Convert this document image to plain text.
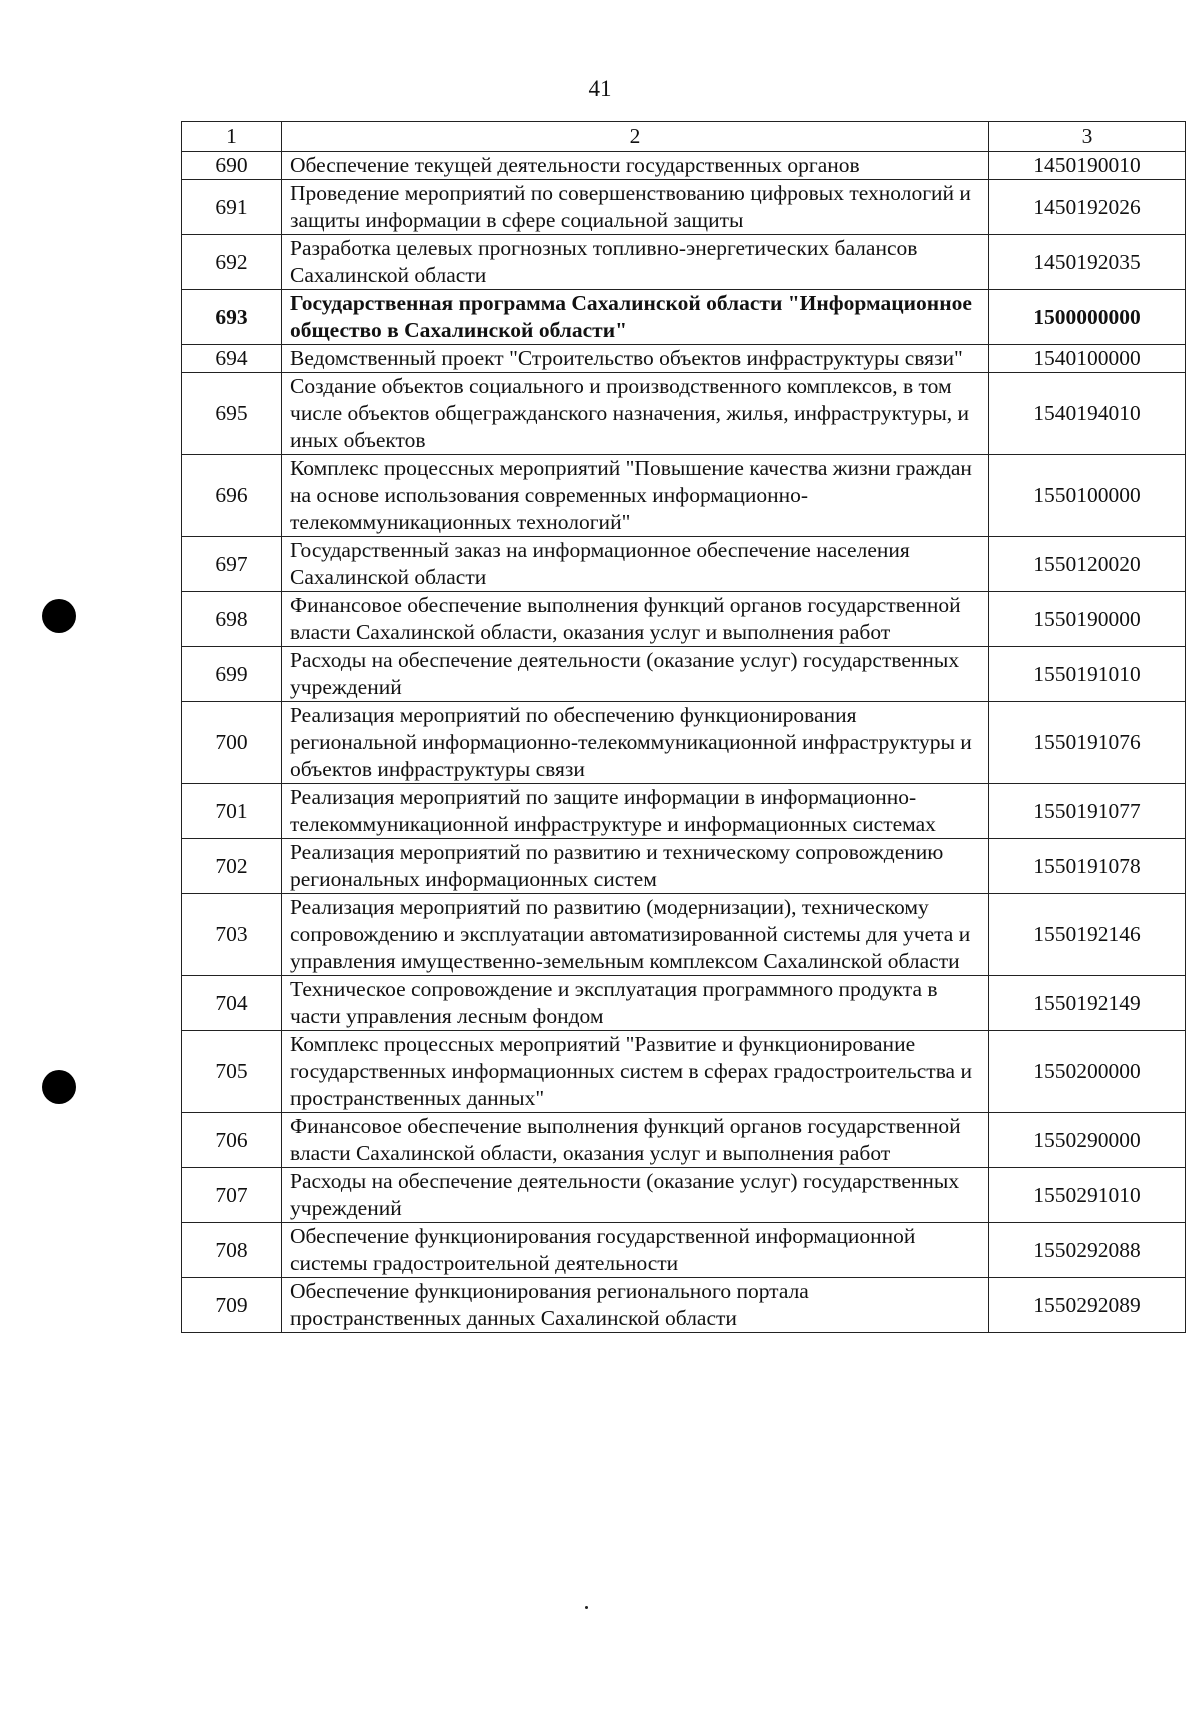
41
1	2	3
690	Обеспечение текущей деятельности государственных органов	1450190010
691	Проведение мероприятий по совершенствованию цифровых технологий и защиты информации в сфере социальной защиты	1450192026
692	Разработка целевых прогнозных топливно-энергетических балансов Сахалинской области	1450192035
693	Государственная программа Сахалинской области "Информационное общество в Сахалинской области"	1500000000
694	Ведомственный проект "Строительство объектов инфраструктуры связи"	1540100000
695	Создание объектов социального и производственного комплексов, в том числе объектов общегражданского назначения, жилья, инфраструктуры, и иных объектов	1540194010
696	Комплекс процессных мероприятий "Повышение качества жизни граждан на основе использования современных информационно-телекоммуникационных технологий"	1550100000
697	Государственный заказ на информационное обеспечение населения Сахалинской области	1550120020
698	Финансовое обеспечение выполнения функций органов государственной власти Сахалинской области, оказания услуг и выполнения работ	1550190000
699	Расходы на обеспечение деятельности (оказание услуг) государственных учреждений	1550191010
700	Реализация мероприятий по обеспечению функционирования региональной информационно-телекоммуникационной инфраструктуры и объектов инфраструктуры связи	1550191076
701	Реализация мероприятий по защите информации в информационно-телекоммуникационной инфраструктуре и информационных системах	1550191077
702	Реализация мероприятий по развитию и техническому сопровождению региональных информационных систем	1550191078
703	Реализация мероприятий по развитию (модернизации), техническому сопровождению и эксплуатации автоматизированной системы для учета и управления имущественно-земельным комплексом Сахалинской области	1550192146
704	Техническое сопровождение и эксплуатация программного продукта в части управления лесным фондом	1550192149
705	Комплекс процессных мероприятий "Развитие и функционирование государственных информационных систем в сферах градостроительства и пространственных данных"	1550200000
706	Финансовое обеспечение выполнения функций органов государственной власти Сахалинской области, оказания услуг и выполнения работ	1550290000
707	Расходы на обеспечение деятельности (оказание услуг) государственных учреждений	1550291010
708	Обеспечение функционирования государственной информационной системы градостроительной деятельности	1550292088
709	Обеспечение функционирования регионального портала пространственных данных Сахалинской области	1550292089
